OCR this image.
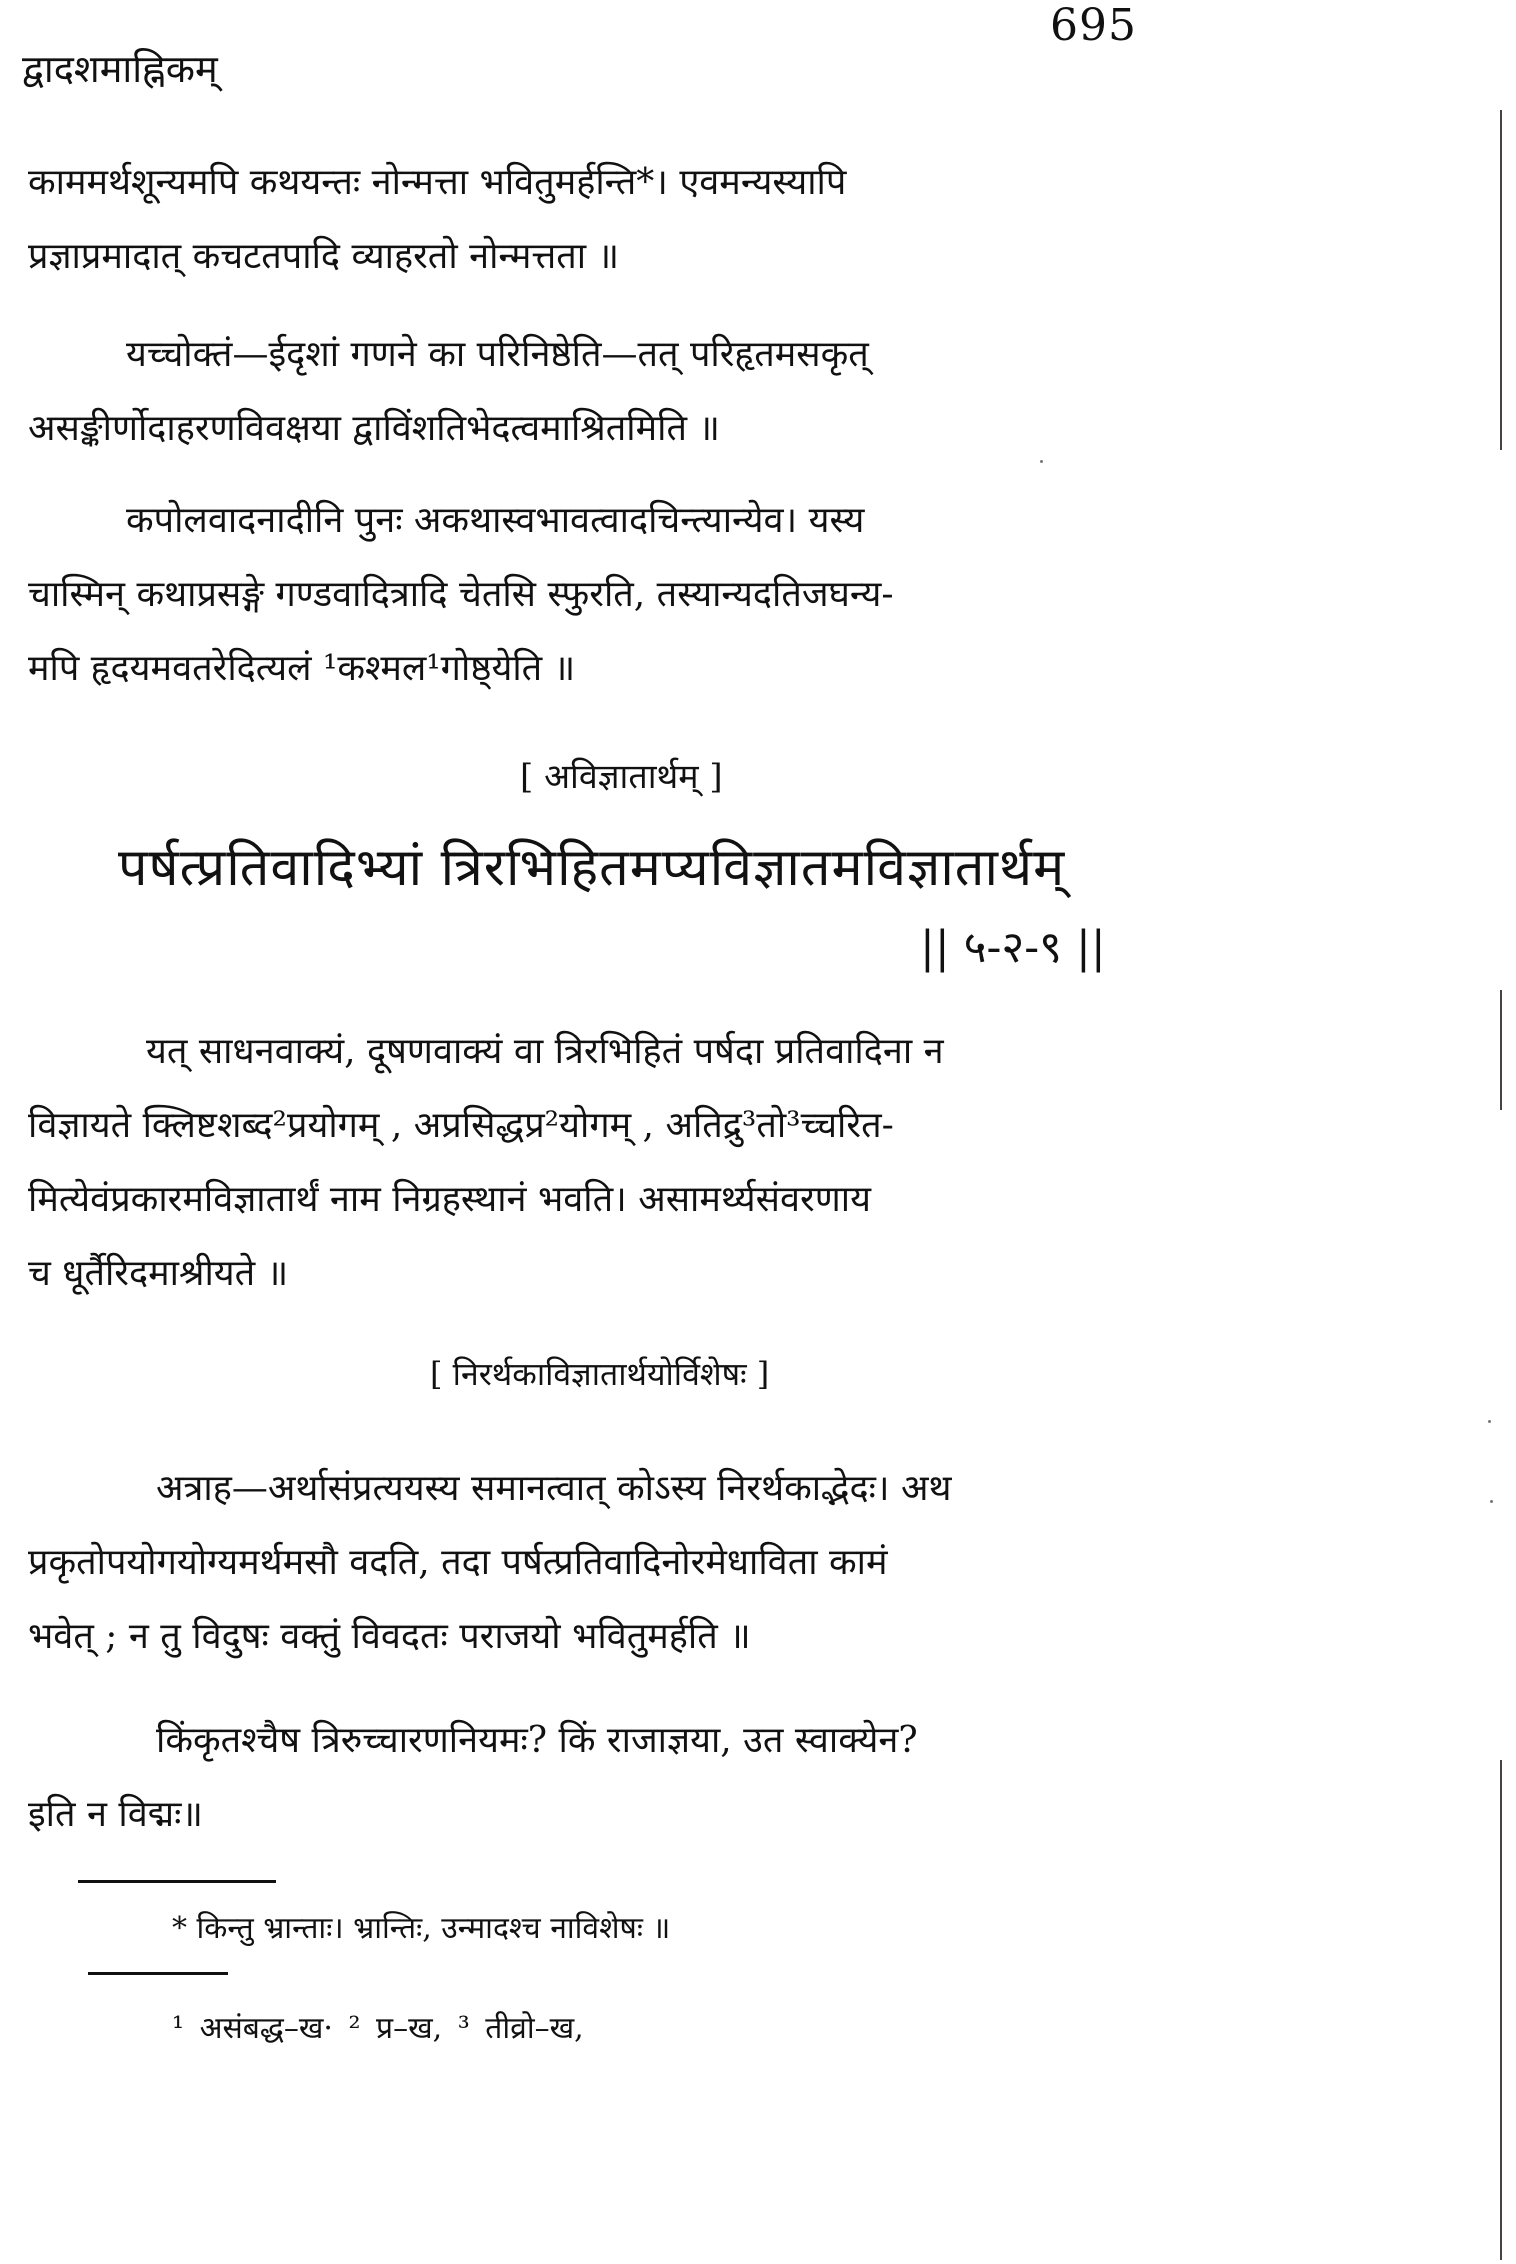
695
द्वादशमाह्निकम्

काममर्थशून्यमपि कथयन्तः नोन्मत्ता भवितुमर्हन्ति*। एवमन्यस्यापि

प्रज्ञाप्रमादात् कचटतपादि व्याहरतो नोन्मत्तता ॥

यच्चोक्तं—ईदृशां गणने का परिनिष्ठेति—तत् परिहृतमसकृत्

असङ्कीर्णोदाहरणविवक्षया द्वाविंशतिभेदत्वमाश्रितमिति ॥

कपोलवादनादीनि पुनः अकथास्वभावत्वादचिन्त्यान्येव। यस्य

चास्मिन् कथाप्रसङ्गे गण्डवादित्रादि चेतसि स्फुरति, तस्यान्यदतिजघन्य-

मपि हृदयमवतरेदित्यलं ¹कश्मल¹गोष्ठ्येति ॥

[ अविज्ञातार्थम् ]
पर्षत्प्रतिवादिभ्यां त्रिरभिहितमप्यविज्ञातमविज्ञातार्थम्
|| ५-२-९ ||

यत् साधनवाक्यं, दूषणवाक्यं वा त्रिरभिहितं पर्षदा प्रतिवादिना न

विज्ञायते क्लिष्टशब्द²प्रयोगम् , अप्रसिद्धप्र²योगम् , अतिद्रु³तो³च्चरित-

मित्येवंप्रकारमविज्ञातार्थं नाम निग्रहस्थानं भवति। असामर्थ्यसंवरणाय

च धूर्तैरिदमाश्रीयते ॥

[ निरर्थकाविज्ञातार्थयोर्विशेषः ]

अत्राह—अर्थासंप्रत्ययस्य समानत्वात् कोऽस्य निरर्थकाद्भेदः। अथ

प्रकृतोपयोगयोग्यमर्थमसौ वदति, तदा पर्षत्प्रतिवादिनोरमेधाविता कामं

भवेत् ; न तु विदुषः वक्तुं विवदतः पराजयो भवितुमर्हति ॥

किंकृतश्चैष त्रिरुच्चारणनियमः? किं राजाज्ञया, उत स्वाक्येन?

इति न विद्मः॥

* किन्तु भ्रान्ताः। भ्रान्तिः, उन्मादश्च नाविशेषः ॥
¹ असंबद्ध–ख· ² प्र–ख, ³ तीव्रो–ख,
